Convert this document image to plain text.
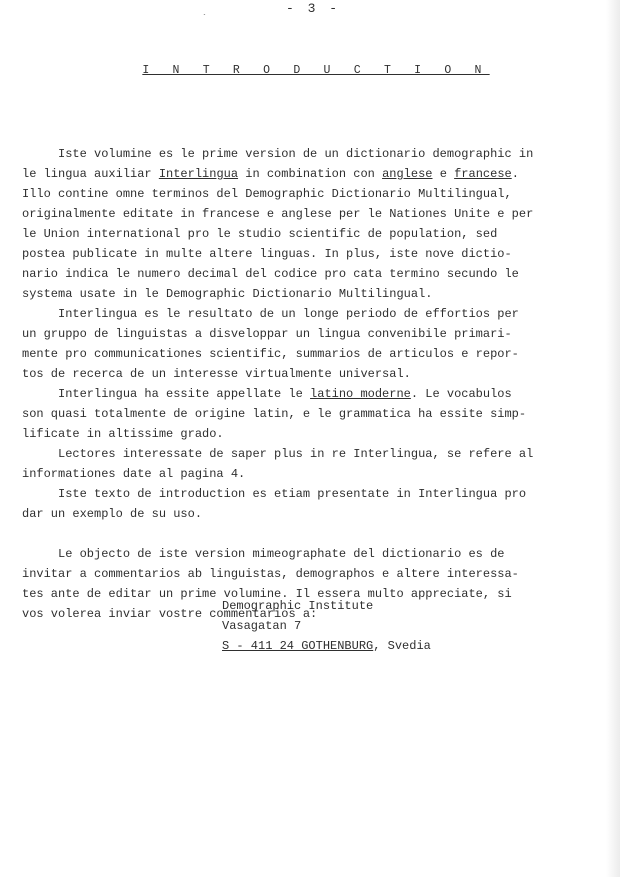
- 3 -
`
I N T R O D U C T I O N
Iste volumine es le prime version de un dictionario demographic in
le lingua auxiliar Interlingua in combination con anglese e francese.
Illo contine omne terminos del Demographic Dictionario Multilingual,
originalmente editate in francese e anglese per le Nationes Unite e per
le Union international pro le studio scientific de population, sed
postea publicate in multe altere linguas. In plus, iste nove dictio-
nario indica le numero decimal del codice pro cata termino secundo le
systema usate in le Demographic Dictionario Multilingual.
Interlingua es le resultato de un longe periodo de effortios per
un gruppo de linguistas a disveloppar un lingua convenibile primari-
mente pro communicationes scientific, summarios de articulos e repor-
tos de recerca de un interesse virtualmente universal.
Interlingua ha essite appellate le latino moderne. Le vocabulos
son quasi totalmente de origine latin, e le grammatica ha essite simp-
lificate in altissime grado.
Lectores interessate de saper plus in re Interlingua, se refere al
informationes date al pagina 4.
Iste texto de introduction es etiam presentate in Interlingua pro
dar un exemplo de su uso.
Le objecto de iste version mimeographate del dictionario es de
invitar a commentarios ab linguistas, demographos e altere interessa-
tes ante de editar un prime volumine. Il essera multo appreciate, si
vos volerea inviar vostre commentarios a:
Demographic Institute
Vasagatan 7
S - 411 24 GOTHENBURG, Svedia
